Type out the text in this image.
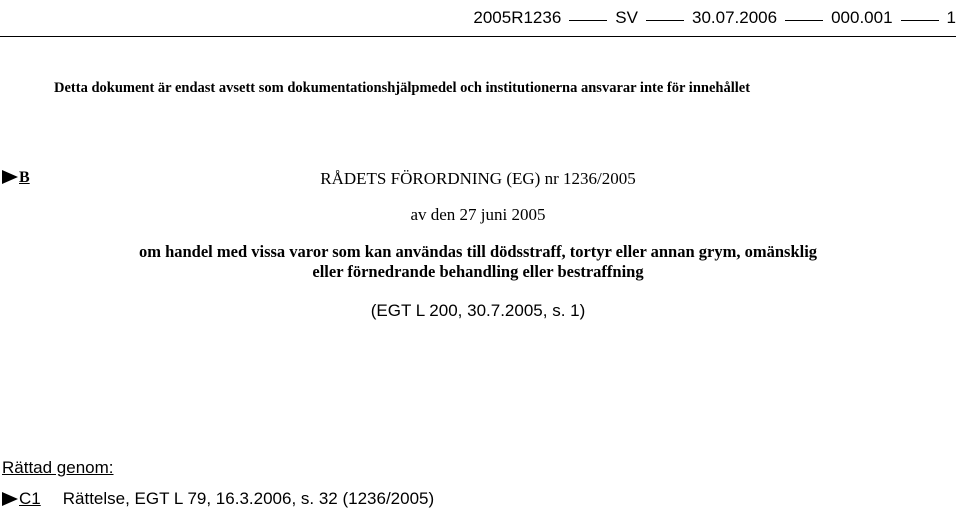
2005R1236	SV	30.07.2006	000.001	1
Detta dokument är endast avsett som dokumentationshjälpmedel och institutionerna ansvarar inte för innehållet
B	RÅDETS FÖRORDNING (EG) nr 1236/2005
av den 27 juni 2005
om handel med vissa varor som kan användas till dödsstraff, tortyr eller annan grym, omänsklig
eller förnedrande behandling eller bestraffning
(EGT L 200, 30.7.2005, s. 1)
Rättad genom:
C1 Rättelse, EGT L 79, 16.3.2006, s. 32 (1236/2005)
